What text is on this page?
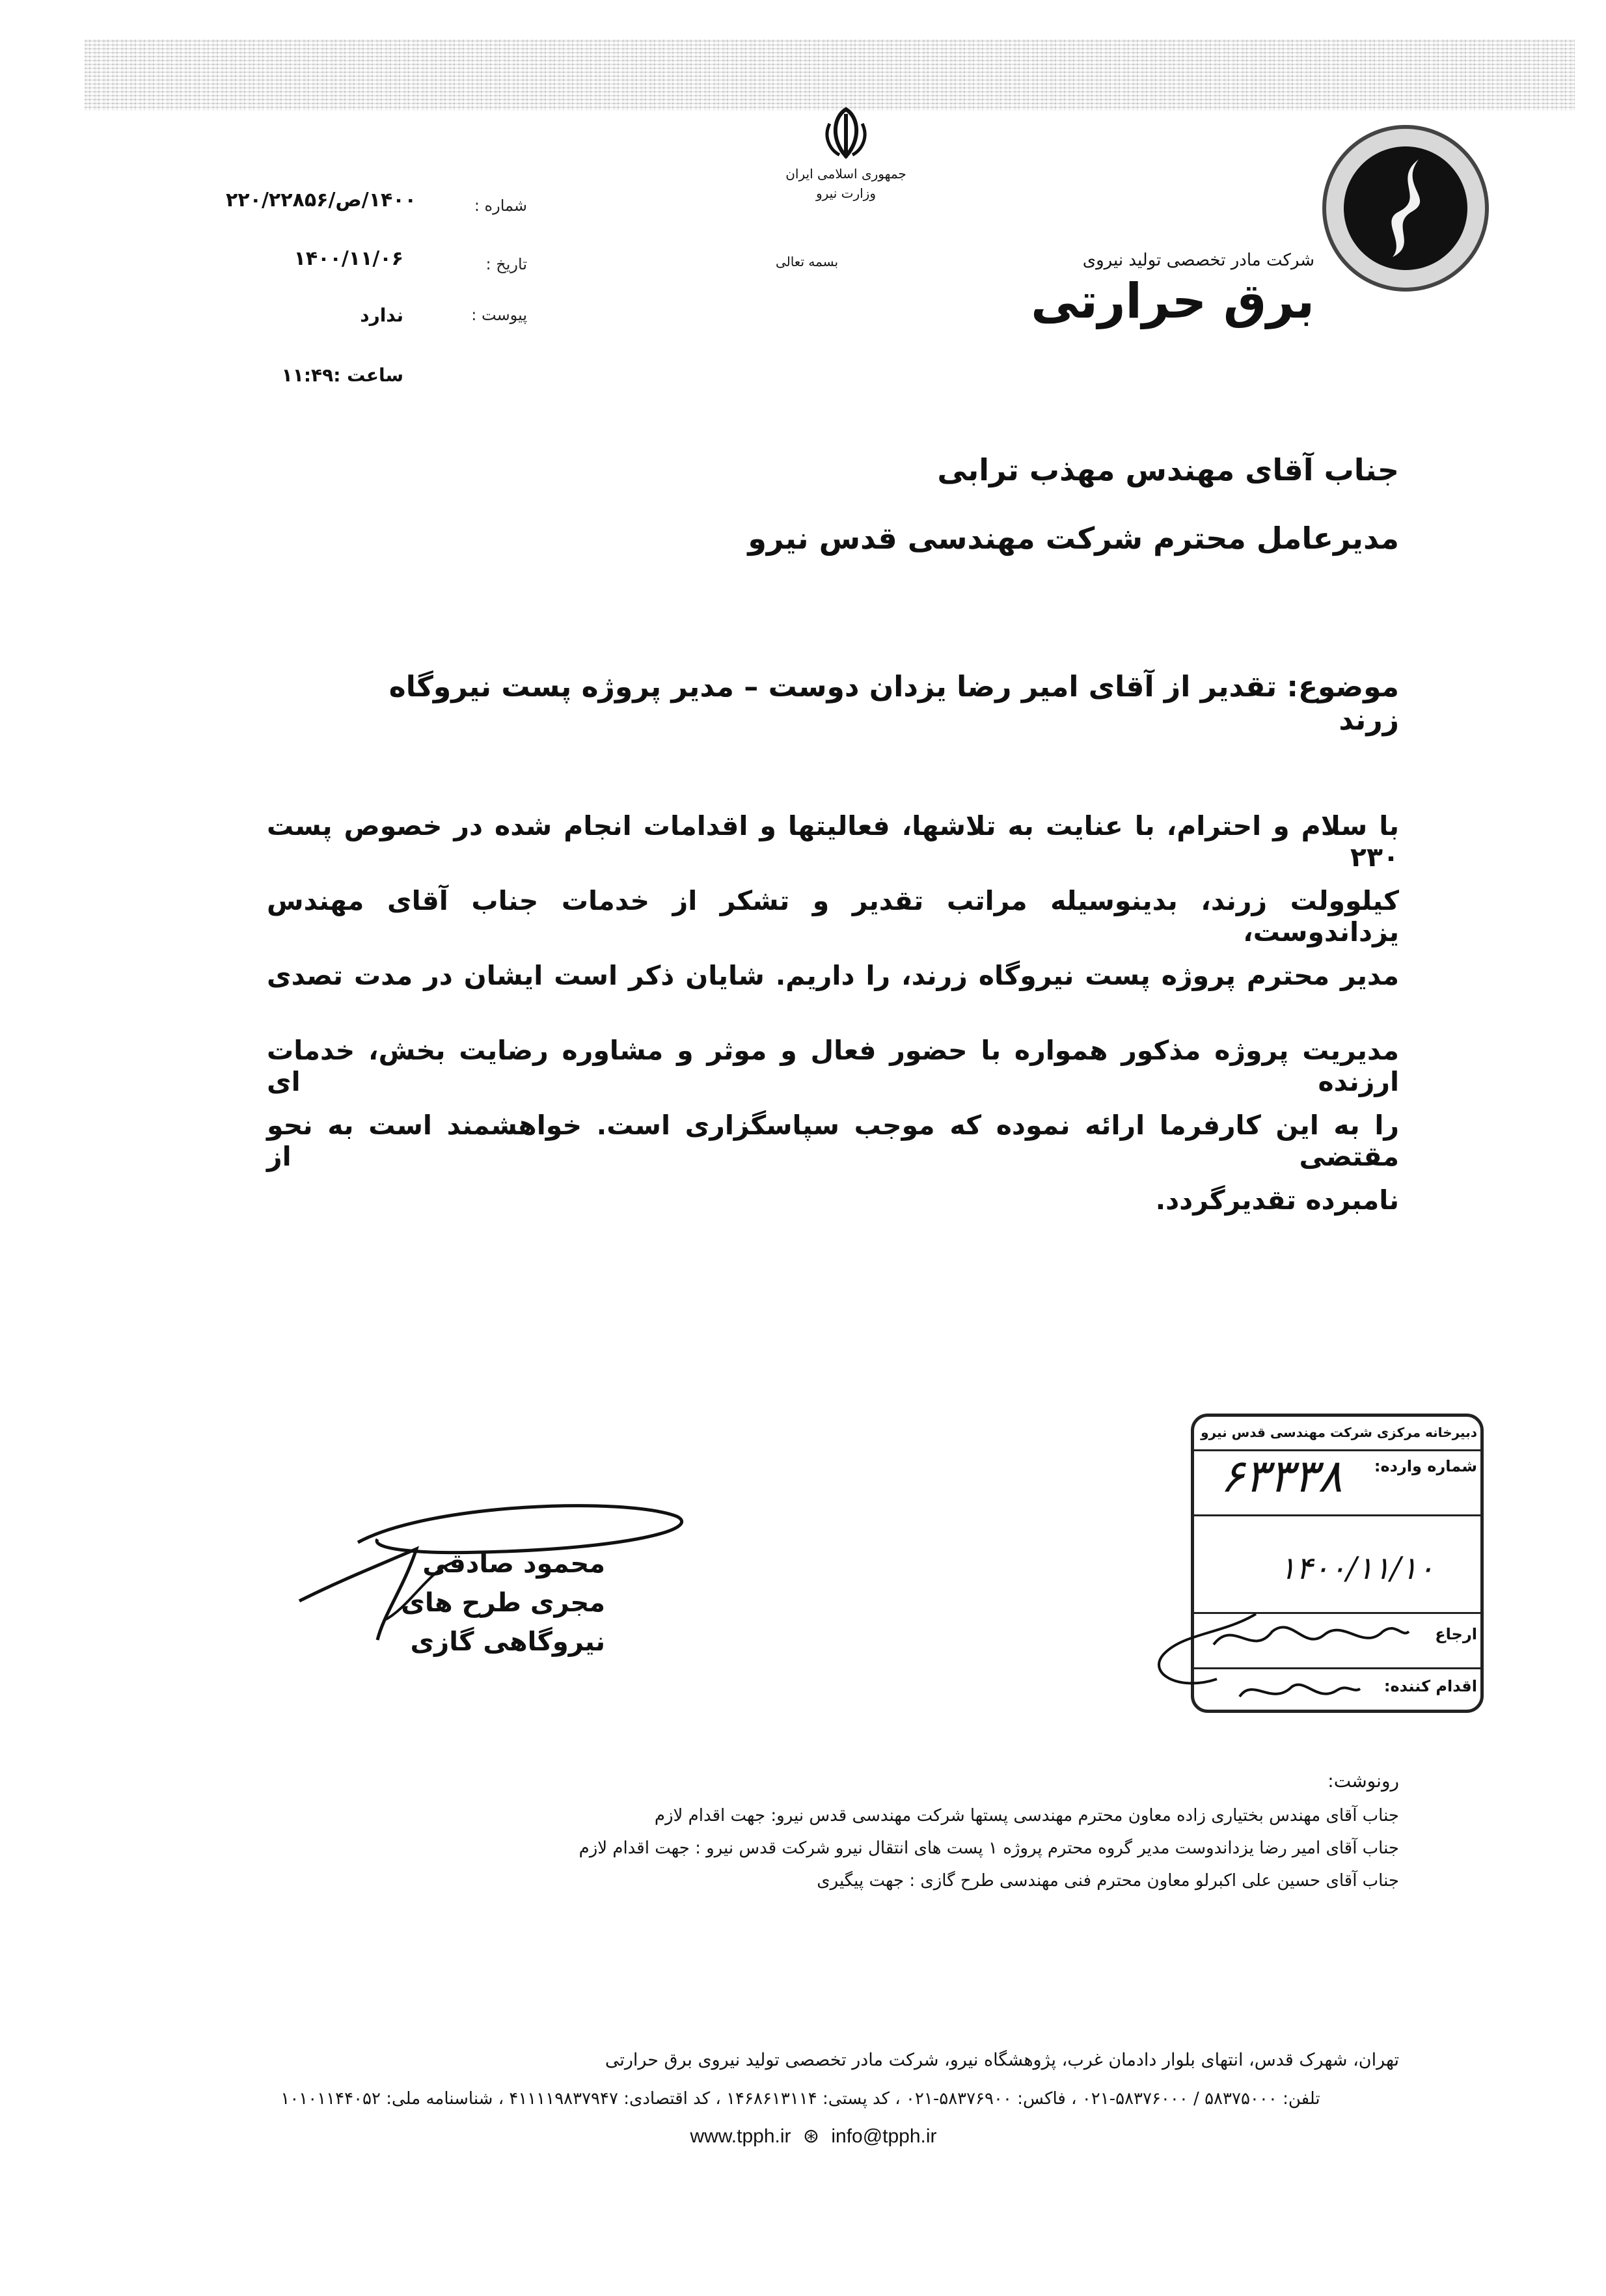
جمهوری اسلامی ایران
وزارت نیرو
بسمه تعالی	شرکت مادر تخصصی تولید نیروی
برق حرارتی
شماره :
۱۴۰۰/ص/۲۲۰/۲۲۸۵۶
تاریخ :
۱۴۰۰/۱۱/۰۶
پیوست :
ندارد
ساعت :۱۱:۴۹
جناب آقای مهندس مهذب ترابی
مدیرعامل محترم شرکت مهندسی قدس نیرو
موضوع: تقدیر از آقای امیر رضا یزدان دوست – مدیر پروژه پست نیروگاه زرند
با سلام و احترام، با عنایت به تلاشها، فعالیتها و اقدامات انجام شده در خصوص پست ۲۳۰
کیلوولت زرند، بدینوسیله مراتب تقدیر و تشکر از خدمات جناب آقای مهندس یزداندوست،
مدیر محترم پروژه پست نیروگاه زرند، را داریم. شایان ذکر است ایشان در مدت تصدی
مدیریت پروژه مذکور همواره با حضور فعال و موثر و مشاوره رضایت بخش، خدمات ارزنده ای
را به این کارفرما ارائه نموده که موجب سپاسگزاری است. خواهشمند است به نحو مقتضی از
نامبرده تقدیرگردد.
محمود صادقی
مجری طرح های
نیروگاهی گازی
دبیرخانه مرکزی شرکت مهندسی قدس نیرو
شماره وارده:
۶۳۳۳۸
۱۴۰۰/۱۱/۱۰
ارجاع
اقدام کننده:
رونوشت:
جناب آقای مهندس بختیاری زاده معاون محترم مهندسی پستها شرکت مهندسی قدس نیرو: جهت اقدام لازم
جناب آقای امیر رضا یزداندوست مدیر گروه محترم پروژه ۱ پست های انتقال نیرو شرکت قدس نیرو : جهت اقدام لازم
جناب آقای حسین علی اکبرلو معاون محترم فنی مهندسی طرح گازی : جهت پیگیری
تهران، شهرک قدس، انتهای بلوار دادمان غرب، پژوهشگاه نیرو، شرکت مادر تخصصی تولید نیروی برق حرارتی
تلفن: ۵۸۳۷۵۰۰۰ / ۵۸۳۷۶۰۰۰-۰۲۱ ، فاکس: ۵۸۳۷۶۹۰۰-۰۲۱ ، کد پستی: ۱۴۶۸۶۱۳۱۱۴ ، کد اقتصادی: ۴۱۱۱۱۹۸۳۷۹۴۷ ، شناسنامه ملی: ۱۰۱۰۱۱۴۴۰۵۲
www.tpph.ir ⊛ info@tpph.ir
